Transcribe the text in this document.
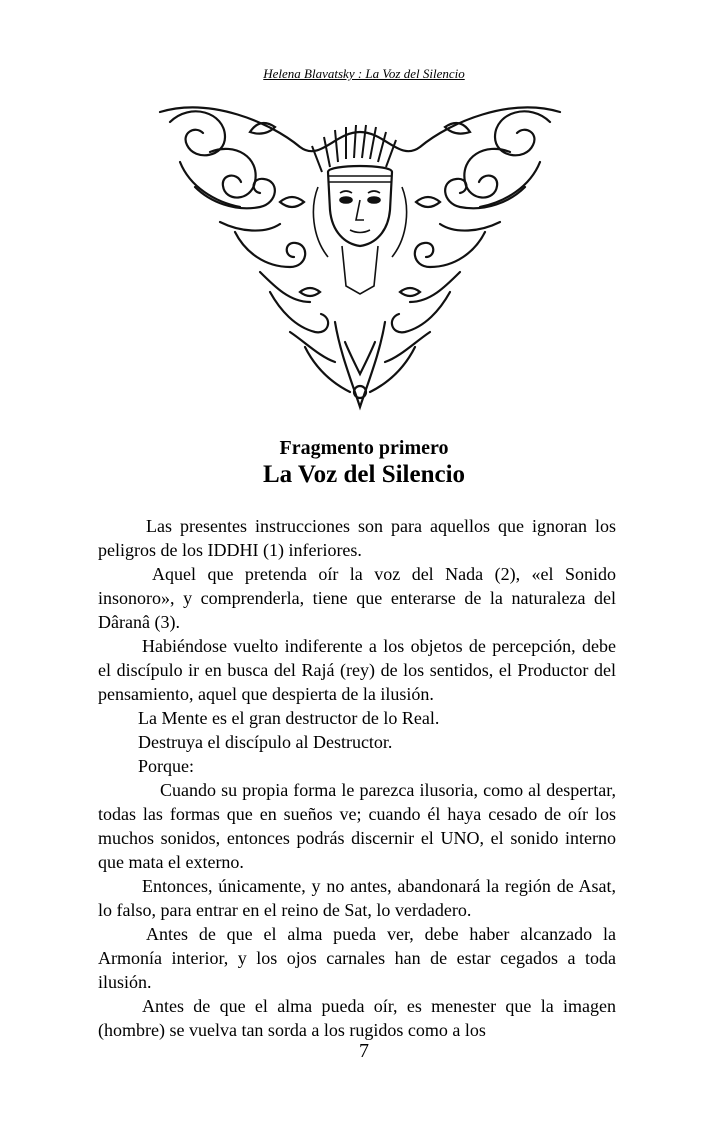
Helena Blavatsky : La Voz del Silencio
Fragmento primero
La Voz del Silencio

Las presentes instrucciones son para aquellos que ignoran los peligros de los IDDHI (1) inferiores.

Aquel que pretenda oír la voz del Nada (2), «el Sonido insonoro», y comprenderla, tiene que enterarse de la naturaleza del Dâranâ (3).

Habiéndose vuelto indiferente a los objetos de percepción, debe el discípulo ir en busca del Rajá (rey) de los sentidos, el Productor del pensamiento, aquel que despierta de la ilusión.

La Mente es el gran destructor de lo Real.

Destruya el discípulo al Destructor.

Porque:

Cuando su propia forma le parezca ilusoria, como al despertar, todas las formas que en sueños ve; cuando él haya cesado de oír los muchos sonidos, entonces podrás discernir el UNO, el sonido interno que mata el externo.

Entonces, únicamente, y no antes, abandonará la región de Asat, lo falso, para entrar en el reino de Sat, lo verdadero.

Antes de que el alma pueda ver, debe haber alcanzado la Armonía interior, y los ojos carnales han de estar cegados a toda ilusión.

Antes de que el alma pueda oír, es menester que la imagen (hombre) se vuelva tan sorda a los rugidos como a los

7
